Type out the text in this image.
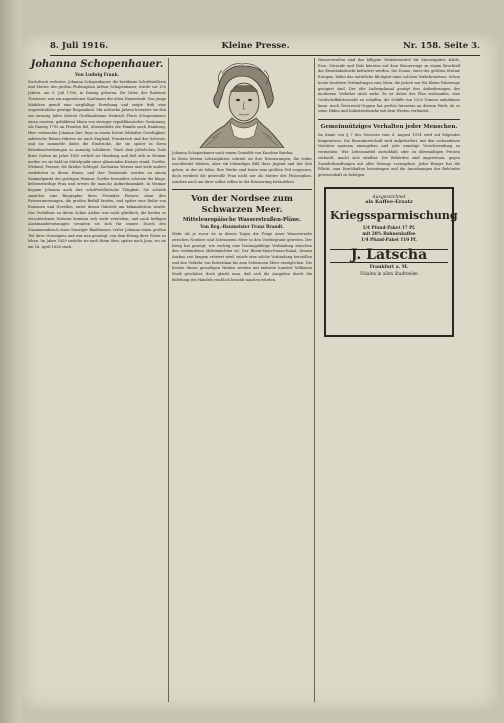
8. Juli 1916.	Kleine Presse.	Nr. 158. Seite 3.
Johanna Schopenhauer.
Von Ludwig Frank.
Nachdruck verboten. Johanna Schopenhauer, die berühmte Schriftstellerin und Mutter des großen Philosophen Arthur Schopenhauer, wurde vor 150 Jahren, am 9. Juli 1766, in Danzig geboren. Ihr Vater, der Ratsherr Trosiener, war ein angesehener Kaufmann der alten Hansestadt. Das junge Mädchen genoß eine sorgfältige Erziehung und zeigte früh eine ungewöhnliche geistige Regsamkeit. Mit achtzehn Jahren heiratete sie den um zwanzig Jahre älteren Großkaufmann Heinrich Floris Schopenhauer, einen ernsten, gebildeten Mann von strenger republikanischer Gesinnung. Als Danzig 1793 an Preußen fiel, übersiedelte die Familie nach Hamburg. Hier verbrachte Johanna ihre Tage in einem Kreise lebhafter Geselligkeit; zahlreiche Reisen führten sie nach England, Frankreich und der Schweiz, und sie sammelte dabei die Eindrücke, die sie später in ihren Reisebeschreibungen so anmutig schilderte. Nach dem plötzlichen Tode ihres Gatten im Jahre 1805 verließ sie Hamburg und ließ sich in Weimar nieder, wo sie bald im Mittelpunkt eines glänzenden Kreises stand. Goethe, Wieland, Fernow, die Brüder Schlegel, Zacharias Werner und viele andere verkehrten in ihrem Hause, und ihre Teeabende wurden zu einem Sammelpunkt des geistigen Weimar. Goethe besonders schätzte die kluge, liebenswürdige Frau und erwies ihr manche Aufmerksamkeit. In Weimar begann Johanna auch ihre schriftstellerische Tätigkeit. Sie schrieb zunächst eine Biographie ihres Freundes Fernow, dann ihre Reiseerinnerungen, die großen Beifall fanden, und später eine Reihe von Romanen und Novellen, unter denen Gabriele am bekanntesten wurde. Das Verhältnis zu ihrem Sohne Arthur war nicht glücklich; die beiden so verschiedenen Naturen konnten sich nicht verstehen, und nach heftigen Auseinandersetzungen trennten sie sich für immer. Durch den Zusammenbruch eines Danziger Bankhauses verlor Johanna einen großen Teil ihres Vermögens und war nun genötigt, von dem Ertrag ihrer Feder zu leben. Im Jahre 1829 siedelte sie nach Bonn über, später nach Jena, wo sie am 16. April 1838 starb.
Johanna Schopenhauer nach einem Gemälde von Karoline Bardua.
In ihren letzten Lebensjahren schrieb sie ihre Erinnerungen, die leider unvollendet blieben, aber ein lebendiges Bild ihrer Jugend und der Zeit geben, in der sie lebte. Ihre Werke sind heute zum größten Teil vergessen, doch verdient die geistvolle Frau nicht nur als Mutter des Philosophen, sondern auch um ihrer selbst willen in der Erinnerung fortzuleben.
Von der Nordsee zum Schwarzen Meer.
Mitteleuropäische Wasserstraßen-Pläne.
Von Reg.-Baumeister Franz Brandt.
Mehr als je zuvor ist in diesen Tagen die Frage einer Wasserstraße zwischen Nordsee und Schwarzem Meer in den Vordergrund getreten. Der Krieg hat gezeigt, wie wichtig eine leistungsfähige Verbindung zwischen den verbündeten Mittelmächten ist. Der Rhein-Main-Donau-Kanal, dessen Ausbau seit langem erörtert wird, würde eine solche Verbindung herstellen und den Verkehr von Rotterdam bis zum Schwarzen Meer ermöglichen. Die Kosten dieses gewaltigen Werkes werden auf mehrere hundert Millionen Mark geschätzt, doch glaubt man, daß sich die Ausgaben durch die Belebung des Handels reichlich bezahlt machen würden.
Wasserstraßen sind das billigste Verkehrsmittel für Massengüter. Kohle, Erze, Getreide und Holz könnten auf dem Wasserwege zu einem Bruchteil der Eisenbahnfracht befördert werden. Die Donau, einer der größten Ströme Europas, bildet das natürliche Rückgrat eines solchen Verkehrsnetzes. Schon heute bestehen Verbindungen zum Main, die jedoch nur für kleine Fahrzeuge geeignet sind. Der alte Ludwigskanal genügt den Anforderungen des modernen Verkehrs nicht mehr. Es ist daher der Plan entstanden, eine Großschiffahrtsstraße zu schaffen, die Schiffe von 1200 Tonnen aufnehmen kann. Auch Österreich-Ungarn hat großes Interesse an diesem Werk, da es seine Häfen und Industriebezirke mit dem Westen verbindet.
Gemeinnütziges Verhalten jeder Menschen.
Im Sinne von § 7 des Gesetzes vom 4. August 1914 wird auf folgendes hingewiesen: Die Einwohnerschaft wird aufgefordert, mit den vorhandenen Vorräten sparsam umzugehen und jede unnötige Verschwendung zu vermeiden. Wer Lebensmittel zurückhält oder zu übermäßigen Preisen verkauft, macht sich strafbar. Die Behörden sind angewiesen, gegen Zuwiderhandlungen mit aller Strenge vorzugehen. Jeder Bürger hat die Pflicht, zum Durchhalten beizutragen und die Anordnungen der Behörden gewissenhaft zu befolgen.
Ausgezeichnet
als Kaffee-Ersatz
Kriegssparmischung
1/4 Pfund-Paket 17 Pf.
mit 20% Bohnenkaffee
1/4 Pfund-Paket 110 Pf.
J. Latscha
Frankfurt a. M.
Filialen in allen Stadtteilen
